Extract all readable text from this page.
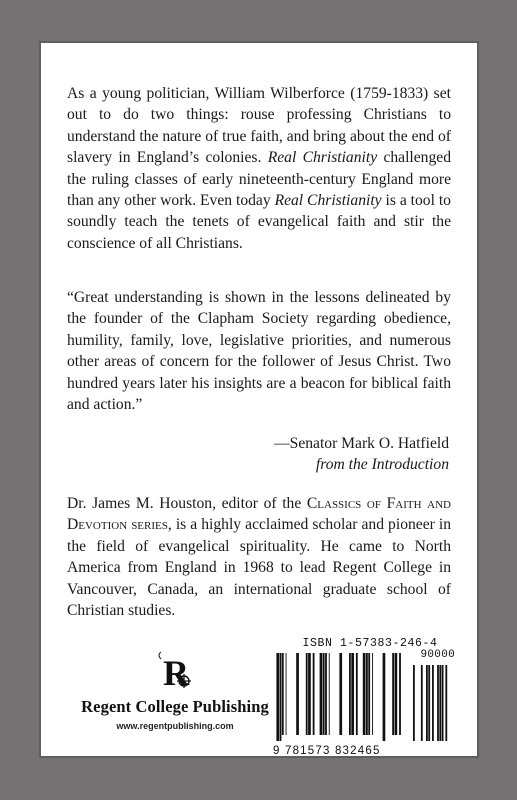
As a young politician, William Wilberforce (1759-1833) set out to do two things: rouse professing Christians to understand the nature of true faith, and bring about the end of slavery in England’s colonies. Real Christianity challenged the ruling classes of early nineteenth-century England more than any other work. Even today Real Christianity is a tool to soundly teach the tenets of evangelical faith and stir the conscience of all Christians.
“Great understanding is shown in the lessons delineated by the founder of the Clapham Society regarding obedience, humility, family, love, legislative priorities, and numerous other areas of concern for the follower of Jesus Christ. Two hundred years later his insights are a beacon for biblical faith and action.”
—Senator Mark O. Hatfield
from the Introduction
Dr. James M. Houston, editor of the Classics of Faith and Devotion series, is a highly acclaimed scholar and pioneer in the field of evangelical spirituality. He came to North America from England in 1968 to lead Regent College in Vancouver, Canada, an international graduate school of Christian studies.
R
Regent College Publishing
www.regentpublishing.com
ISBN 1-57383-246-4
90000
9 781573 832465
